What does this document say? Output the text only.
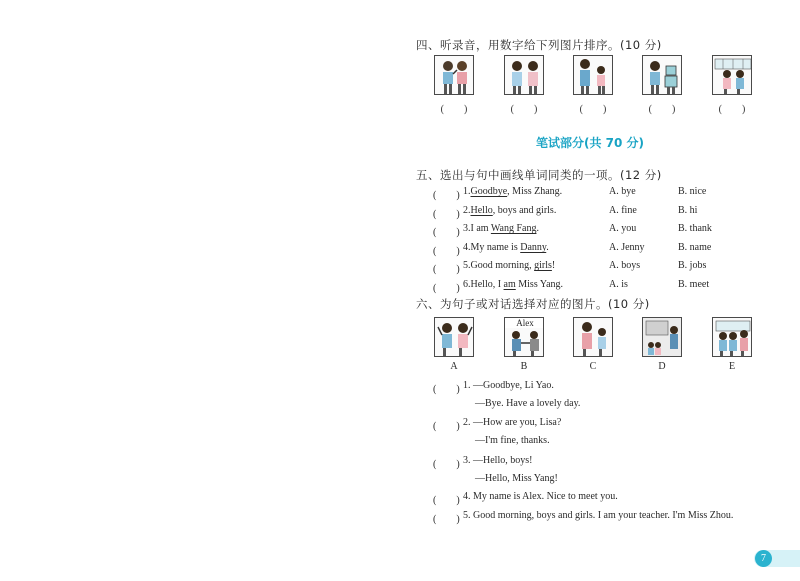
四、听录音，用数字给下列图片排序。(10 分)
(　　)	(　　)	(　　)	(　　)	(　　)
笔试部分(共 70 分)
五、选出与句中画线单词同类的一项。(12 分)
(　　) 1.Goodbye, Miss Zhang.	A. bye	B. nice
(　　) 2.Hello, boys and girls.	A. fine	B. hi
(　　) 3.I am Wang Fang.	A. you	B. thank
(　　) 4.My name is Danny.	A. Jenny	B. name
(　　) 5.Good morning, girls!	A. boys	B. jobs
(　　) 6.Hello, I am Miss Yang.	A. is	B. meet
六、为句子或对话选择对应的图片。(10 分)
Alex
A	B	C	D	E
(　　) 1. —Goodbye, Li Yao.
—Bye. Have a lovely day.
(　　) 2. —How are you, Lisa?
—I'm fine, thanks.
(　　) 3. —Hello, boys!
—Hello, Miss Yang!
(　　) 4. My name is Alex. Nice to meet you.
(　　) 5. Good morning, boys and girls. I am your teacher. I'm Miss Zhou.
7
